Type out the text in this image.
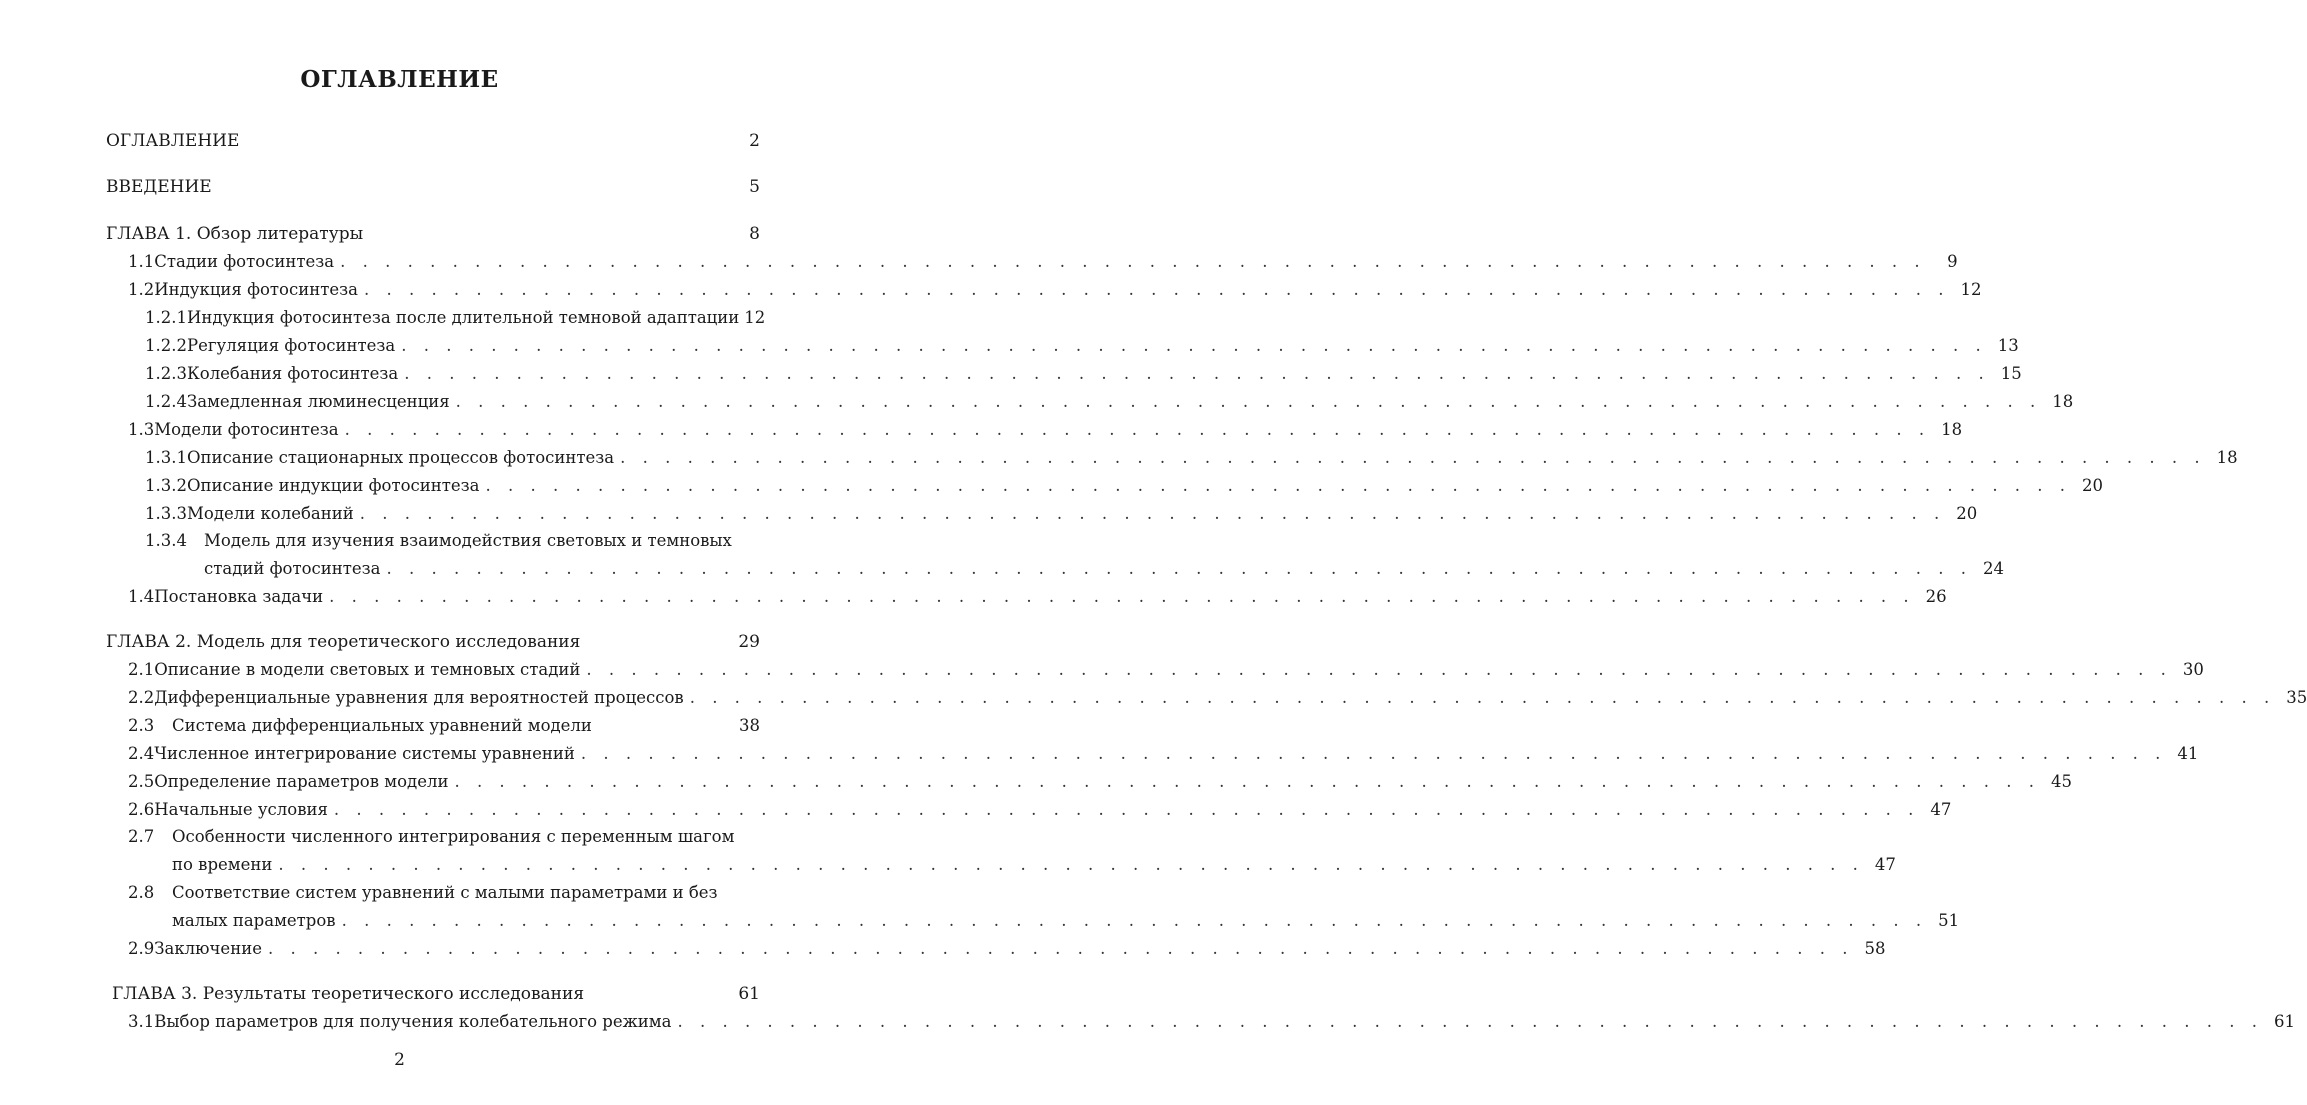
ОГЛАВЛЕНИЕ
ОГЛАВЛЕНИЕ	2
ВВЕДЕНИЕ	5
ГЛАВА 1. Обзор литературы	8
1.1 Стадии фотосинтеза . . .	9
1.2 Индукция фотосинтеза . . .	12
1.2.1 Индукция фотосинтеза после длительной темновой адаптации 12
1.2.2 Регуляция фотосинтеза . . .	13
1.2.3 Колебания фотосинтеза . . .	15
1.2.4 Замедленная люминесценция . . .	18
1.3 Модели фотосинтеза . . .	18
1.3.1 Описание стационарных процессов фотосинтеза . . .	18
1.3.2 Описание индукции фотосинтеза . . .	20
1.3.3 Модели колебаний . . .	20
1.3.4	Модель для изучения взаимодействия световых и темновых
стадий фотосинтеза . . .	24
1.4 Постановка задачи . . .	26
ГЛАВА 2. Модель для теоретического исследования	29
2.1 Описание в модели световых и темновых стадий . . .	30
2.2 Дифференциальные уравнения для вероятностей процессов . . .	35
2.3	Система дифференциальных уравнений модели	38
2.4 Численное интегрирование системы уравнений . . .	41
2.5 Определение параметров модели . . .	45
2.6 Начальные условия . . .	47
2.7	Особенности численного интегрирования с переменным шагом
по времени . . .	47
2.8	Соответствие систем уравнений с малыми параметрами и без
малых параметров . . .	51
2.9 Заключение . . .	58
ГЛАВА 3. Результаты теоретического исследования	61
3.1 Выбор параметров для получения колебательного режима . . .	61
2
